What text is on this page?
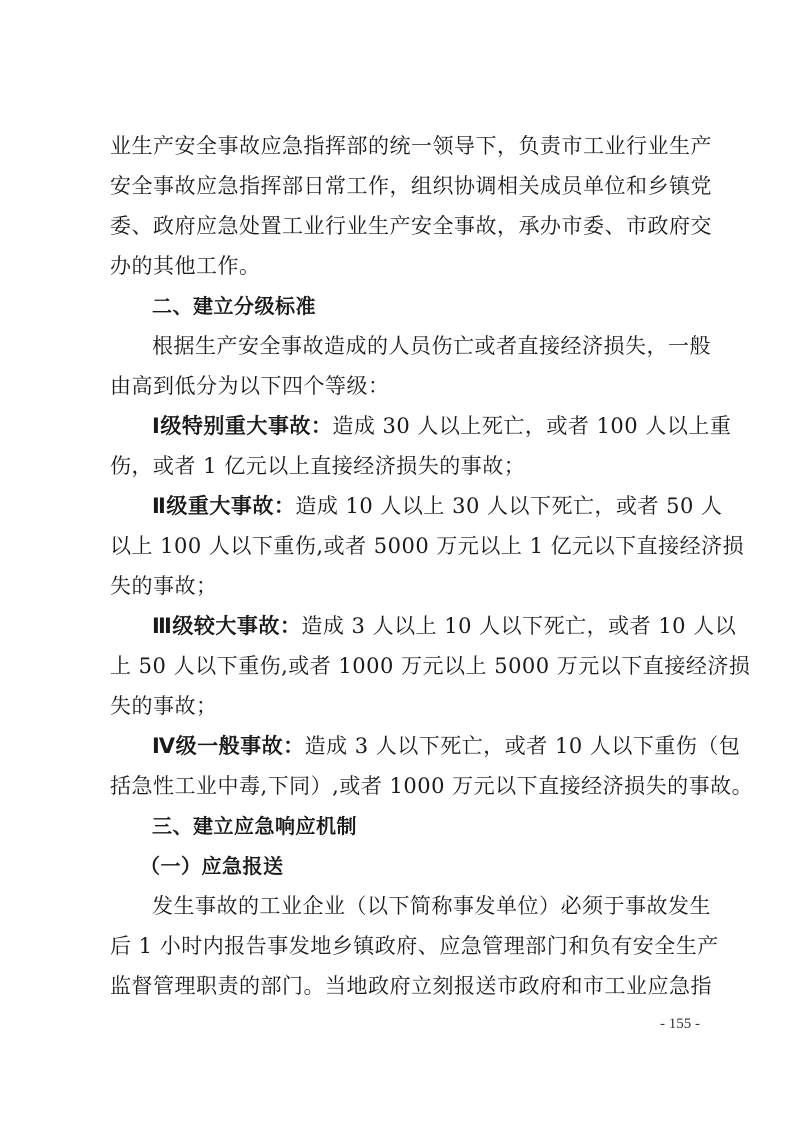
业生产安全事故应急指挥部的统一领导下，负责市工业行业生产
安全事故应急指挥部日常工作，组织协调相关成员单位和乡镇党
委、政府应急处置工业行业生产安全事故，承办市委、市政府交
办的其他工作。
二、建立分级标准
根据生产安全事故造成的人员伤亡或者直接经济损失，一般
由高到低分为以下四个等级：
Ⅰ级特别重大事故：造成 30 人以上死亡，或者 100 人以上重
伤，或者 1 亿元以上直接经济损失的事故；
Ⅱ级重大事故：造成 10 人以上 30 人以下死亡，或者 50 人
以上 100 人以下重伤,或者 5000 万元以上 1 亿元以下直接经济损
失的事故；
Ⅲ级较大事故：造成 3 人以上 10 人以下死亡，或者 10 人以
上 50 人以下重伤,或者 1000 万元以上 5000 万元以下直接经济损
失的事故；
Ⅳ级一般事故：造成 3 人以下死亡，或者 10 人以下重伤（包
括急性工业中毒,下同）,或者 1000 万元以下直接经济损失的事故。
三、建立应急响应机制
（一）应急报送
发生事故的工业企业（以下简称事发单位）必须于事故发生
后 1 小时内报告事发地乡镇政府、应急管理部门和负有安全生产
监督管理职责的部门。当地政府立刻报送市政府和市工业应急指
- 155 -
